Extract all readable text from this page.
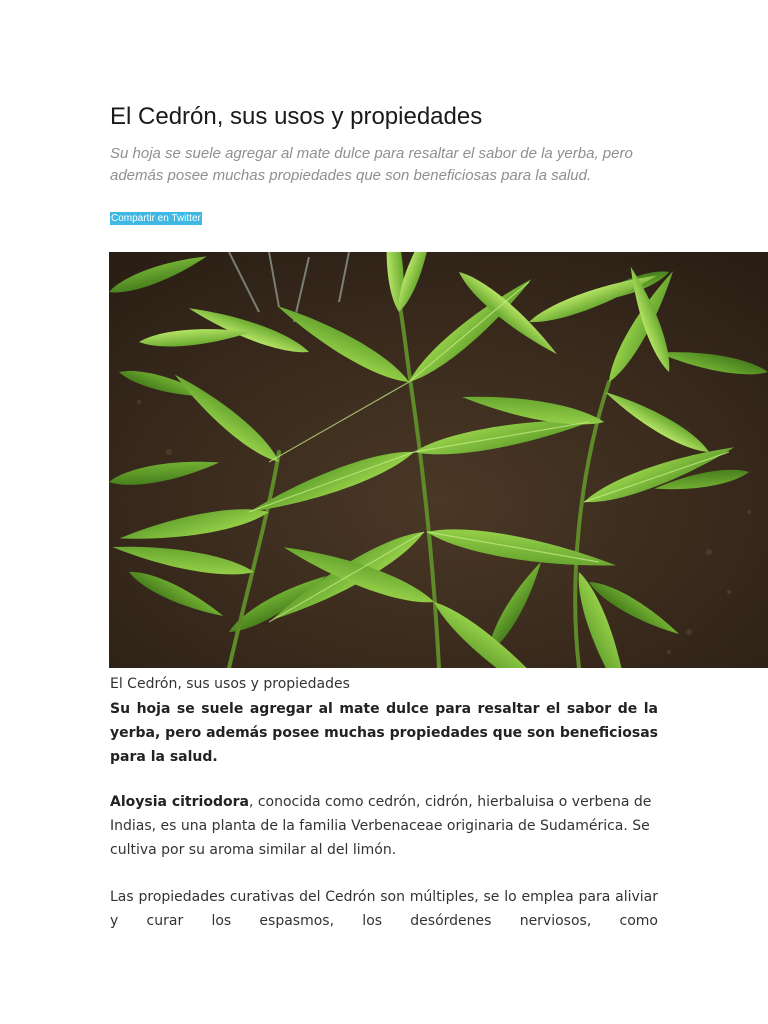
El Cedrón, sus usos y propiedades

Su hoja se suele agregar al mate dulce para resaltar el sabor de la yerba, pero además posee muchas propiedades que son beneficiosas para la salud.

Compartir en Twitter

El Cedrón, sus usos y propiedades

Su hoja se suele agregar al mate dulce para resaltar el sabor de la yerba, pero además posee muchas propiedades que son beneficiosas para la salud.

Aloysia citriodora, conocida como cedrón, cidrón, hierbaluisa o verbena de Indias, es una planta de la familia Verbenaceae originaria de Sudamérica. Se cultiva por su aroma similar al del limón.

Las propiedades curativas del Cedrón son múltiples, se lo emplea para aliviar y curar los espasmos, los desórdenes nerviosos, como
